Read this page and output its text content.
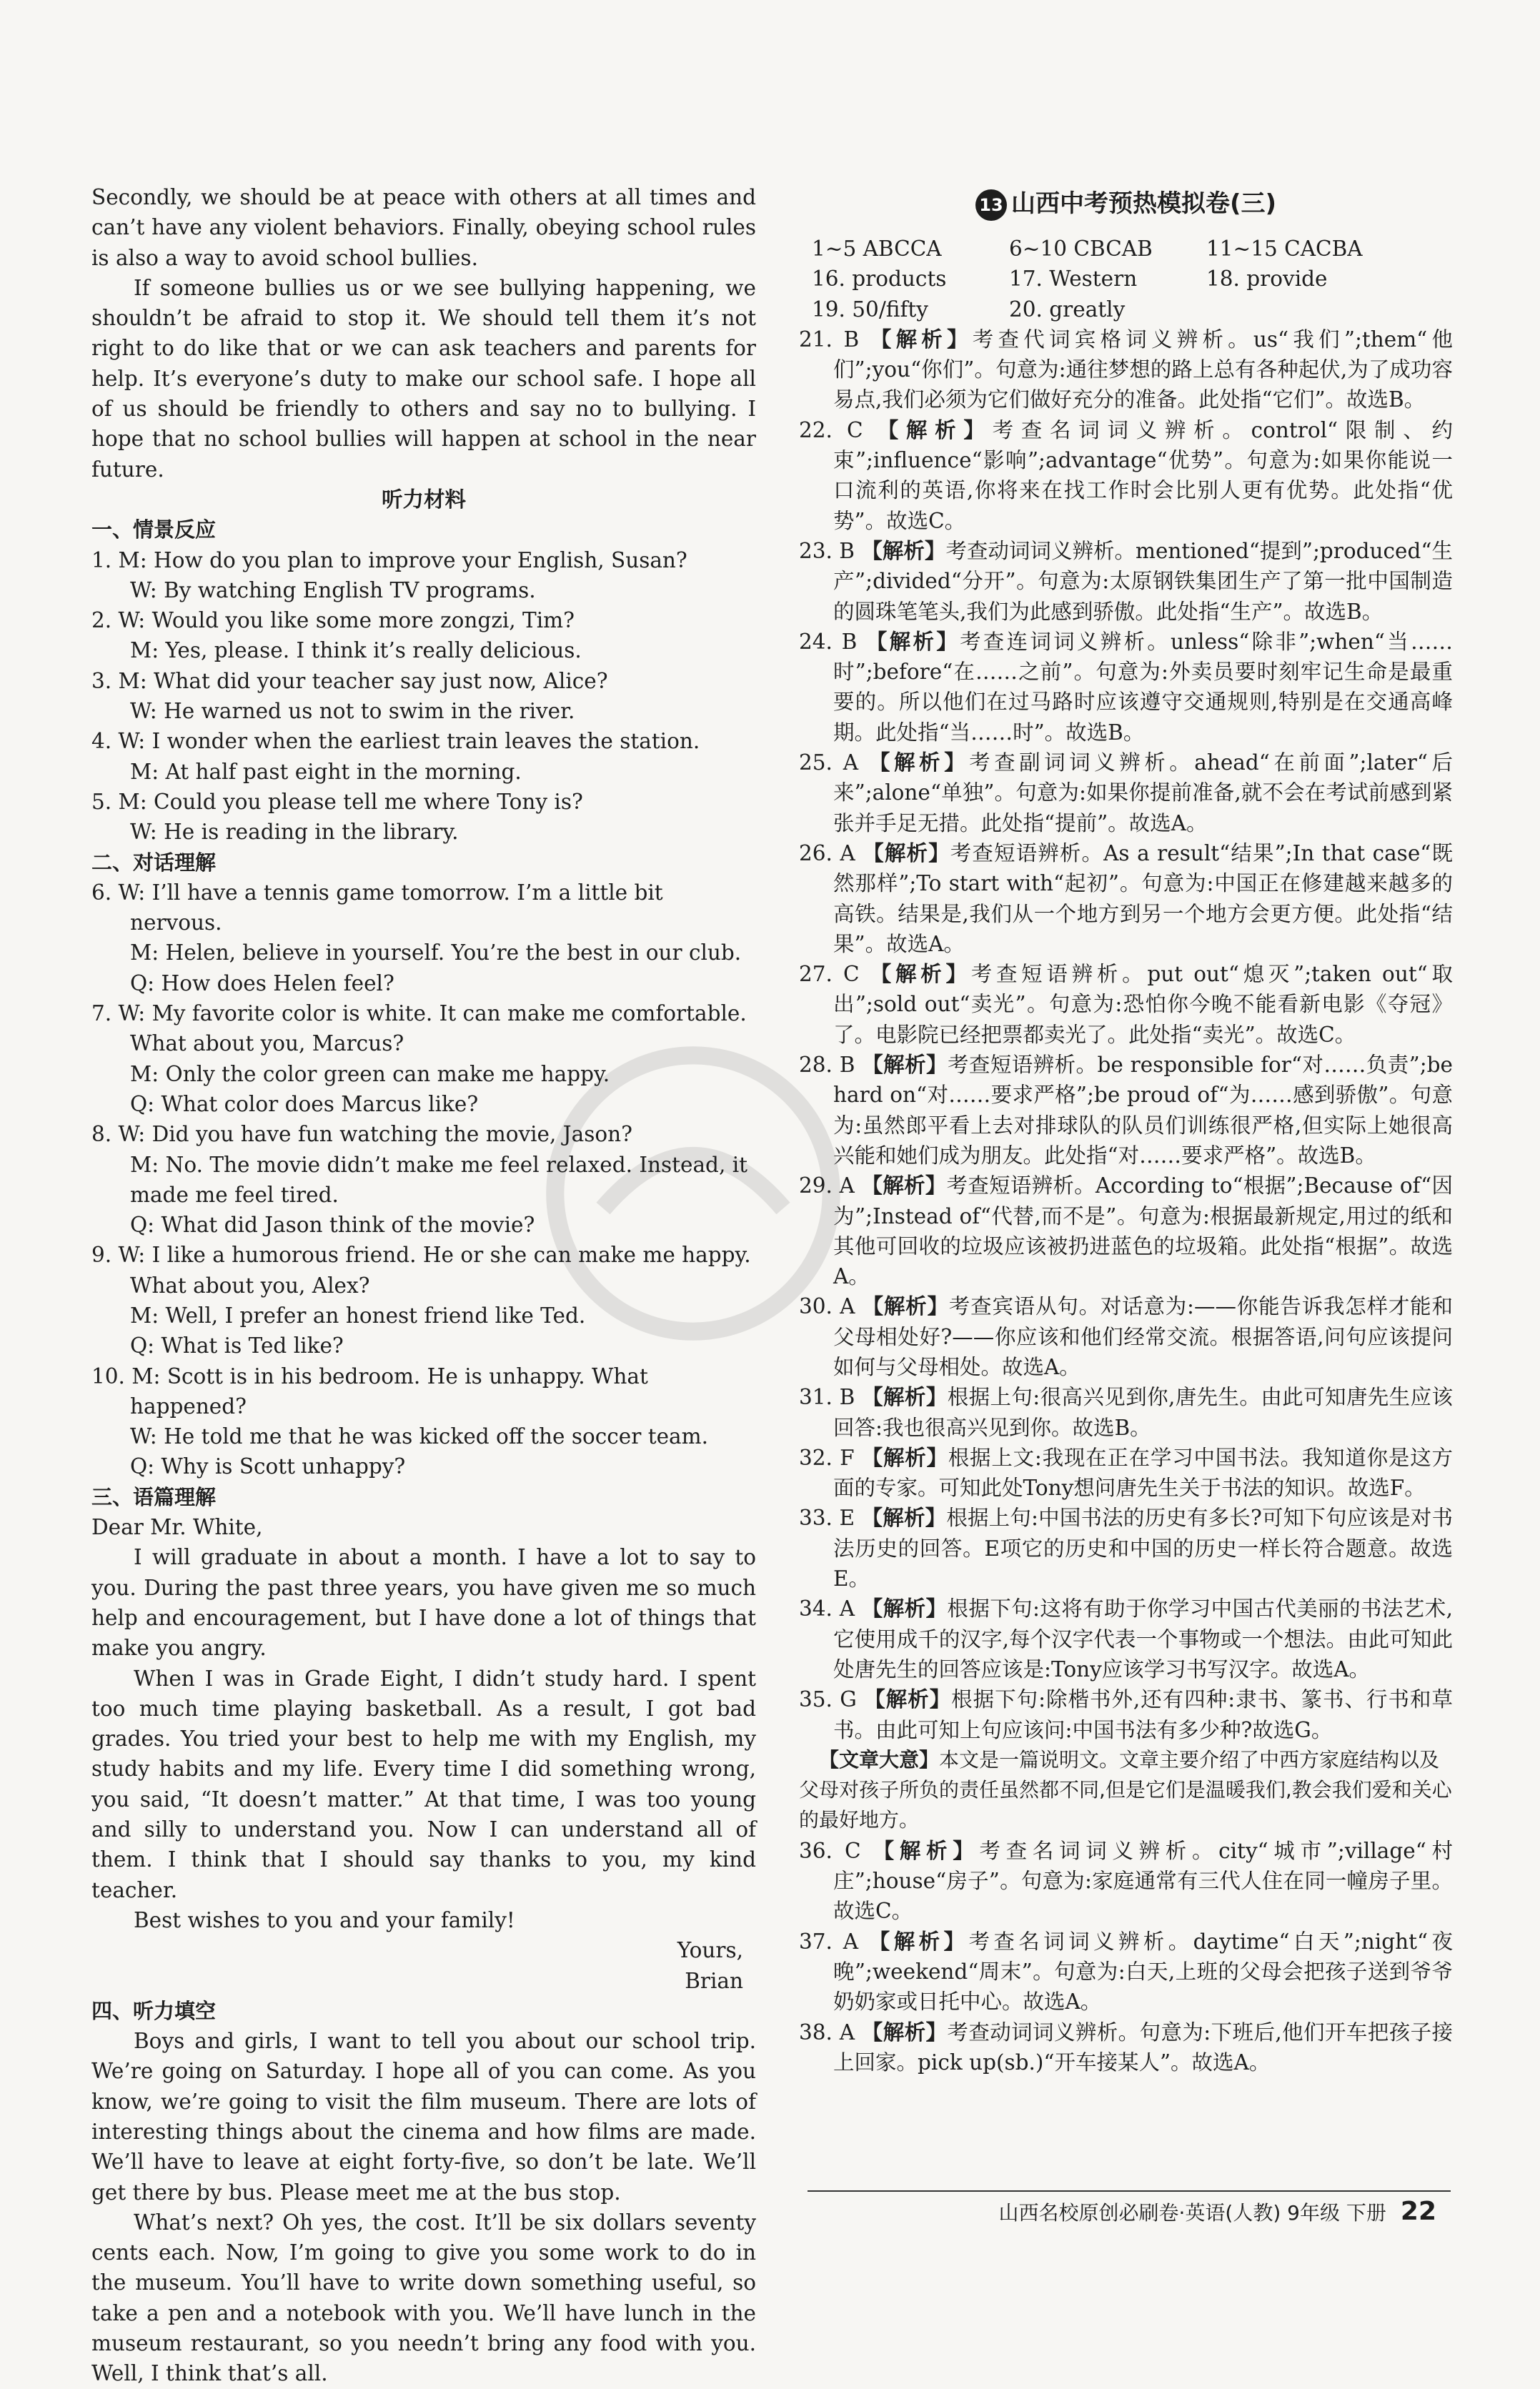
Secondly, we should be at peace with others at all times and can’t have any violent behaviors. Finally, obeying school rules is also a way to avoid school bullies.

If someone bullies us or we see bullying happening, we shouldn’t be afraid to stop it. We should tell them it’s not right to do like that or we can ask teachers and parents for help. It’s everyone’s duty to make our school safe. I hope all of us should be friendly to others and say no to bullying. I hope that no school bullies will happen at school in the near future.

听力材料

一、情景反应

1. M: How do you plan to improve your English, Susan?

W: By watching English TV programs.

2. W: Would you like some more zongzi, Tim?

M: Yes, please. I think it’s really delicious.

3. M: What did your teacher say just now, Alice?

W: He warned us not to swim in the river.

4. W: I wonder when the earliest train leaves the station.

M: At half past eight in the morning.

5. M: Could you please tell me where Tony is?

W: He is reading in the library.

二、对话理解

6. W: I’ll have a tennis game tomorrow. I’m a little bit nervous.

M: Helen, believe in yourself. You’re the best in our club.

Q: How does Helen feel?

7. W: My favorite color is white. It can make me comfortable. What about you, Marcus?

M: Only the color green can make me happy.

Q: What color does Marcus like?

8. W: Did you have fun watching the movie, Jason?

M: No. The movie didn’t make me feel relaxed. Instead, it made me feel tired.

Q: What did Jason think of the movie?

9. W: I like a humorous friend. He or she can make me happy. What about you, Alex?

M: Well, I prefer an honest friend like Ted.

Q: What is Ted like?

10. M: Scott is in his bedroom. He is unhappy. What happened?

W: He told me that he was kicked off the soccer team.

Q: Why is Scott unhappy?

三、语篇理解

Dear Mr. White,

I will graduate in about a month. I have a lot to say to you. During the past three years, you have given me so much help and encouragement, but I have done a lot of things that make you angry.

When I was in Grade Eight, I didn’t study hard. I spent too much time playing basketball. As a result, I got bad grades. You tried your best to help me with my English, my study habits and my life. Every time I did something wrong, you said, “It doesn’t matter.” At that time, I was too young and silly to understand you. Now I can understand all of them. I think that I should say thanks to you, my kind teacher.

Best wishes to you and your family!

Yours,

Brian

四、听力填空

Boys and girls, I want to tell you about our school trip. We’re going on Saturday. I hope all of you can come. As you know, we’re going to visit the film museum. There are lots of interesting things about the cinema and how films are made. We’ll have to leave at eight forty-five, so don’t be late. We’ll get there by bus. Please meet me at the bus stop.

What’s next? Oh yes, the cost. It’ll be six dollars seventy cents each. Now, I’m going to give you some work to do in the museum. You’ll have to write down something useful, so take a pen and a notebook with you. We’ll have lunch in the museum restaurant, so you needn’t bring any food with you. Well, I think that’s all.

13 山西中考预热模拟卷(三)
1~5 ABCCA	6~10 CBCAB	11~15 CACBA
16. products	17. Western	18. provide
19. 50/fifty	20. greatly

21. B 【解析】考查代词宾格词义辨析。us“我们”;them“他们”;you“你们”。句意为:通往梦想的路上总有各种起伏,为了成功容易点,我们必须为它们做好充分的准备。此处指“它们”。故选B。

22. C 【解析】考查名词词义辨析。control“限制、约束”;influence“影响”;advantage“优势”。句意为:如果你能说一口流利的英语,你将来在找工作时会比别人更有优势。此处指“优势”。故选C。

23. B 【解析】考查动词词义辨析。mentioned“提到”;produced“生产”;divided“分开”。句意为:太原钢铁集团生产了第一批中国制造的圆珠笔笔头,我们为此感到骄傲。此处指“生产”。故选B。

24. B 【解析】考查连词词义辨析。unless“除非”;when“当……时”;before“在……之前”。句意为:外卖员要时刻牢记生命是最重要的。所以他们在过马路时应该遵守交通规则,特别是在交通高峰期。此处指“当……时”。故选B。

25. A 【解析】考查副词词义辨析。ahead“在前面”;later“后来”;alone“单独”。句意为:如果你提前准备,就不会在考试前感到紧张并手足无措。此处指“提前”。故选A。

26. A 【解析】考查短语辨析。As a result“结果”;In that case“既然那样”;To start with“起初”。句意为:中国正在修建越来越多的高铁。结果是,我们从一个地方到另一个地方会更方便。此处指“结果”。故选A。

27. C 【解析】考查短语辨析。put out“熄灭”;taken out“取出”;sold out“卖光”。句意为:恐怕你今晚不能看新电影《夺冠》了。电影院已经把票都卖光了。此处指“卖光”。故选C。

28. B 【解析】考查短语辨析。be responsible for“对……负责”;be hard on“对……要求严格”;be proud of“为……感到骄傲”。句意为:虽然郎平看上去对排球队的队员们训练很严格,但实际上她很高兴能和她们成为朋友。此处指“对……要求严格”。故选B。

29. A 【解析】考查短语辨析。According to“根据”;Because of“因为”;Instead of“代替,而不是”。句意为:根据最新规定,用过的纸和其他可回收的垃圾应该被扔进蓝色的垃圾箱。此处指“根据”。故选A。

30. A 【解析】考查宾语从句。对话意为:——你能告诉我怎样才能和父母相处好?——你应该和他们经常交流。根据答语,问句应该提问如何与父母相处。故选A。

31. B 【解析】根据上句:很高兴见到你,唐先生。由此可知唐先生应该回答:我也很高兴见到你。故选B。

32. F 【解析】根据上文:我现在正在学习中国书法。我知道你是这方面的专家。可知此处Tony想问唐先生关于书法的知识。故选F。

33. E 【解析】根据上句:中国书法的历史有多长?可知下句应该是对书法历史的回答。E项它的历史和中国的历史一样长符合题意。故选E。

34. A 【解析】根据下句:这将有助于你学习中国古代美丽的书法艺术,它使用成千的汉字,每个汉字代表一个事物或一个想法。由此可知此处唐先生的回答应该是:Tony应该学习书写汉字。故选A。

35. G 【解析】根据下句:除楷书外,还有四种:隶书、篆书、行书和草书。由此可知上句应该问:中国书法有多少种?故选G。

【文章大意】本文是一篇说明文。文章主要介绍了中西方家庭结构以及父母对孩子所负的责任虽然都不同,但是它们是温暖我们,教会我们爱和关心的最好地方。

36. C 【解析】考查名词词义辨析。city“城市”;village“村庄”;house“房子”。句意为:家庭通常有三代人住在同一幢房子里。故选C。

37. A 【解析】考查名词词义辨析。daytime“白天”;night“夜晚”;weekend“周末”。句意为:白天,上班的父母会把孩子送到爷爷奶奶家或日托中心。故选A。

38. A 【解析】考查动词词义辨析。句意为:下班后,他们开车把孩子接上回家。pick up(sb.)“开车接某人”。故选A。

山西名校原创必刷卷·英语(人教) 9年级 下册 22
